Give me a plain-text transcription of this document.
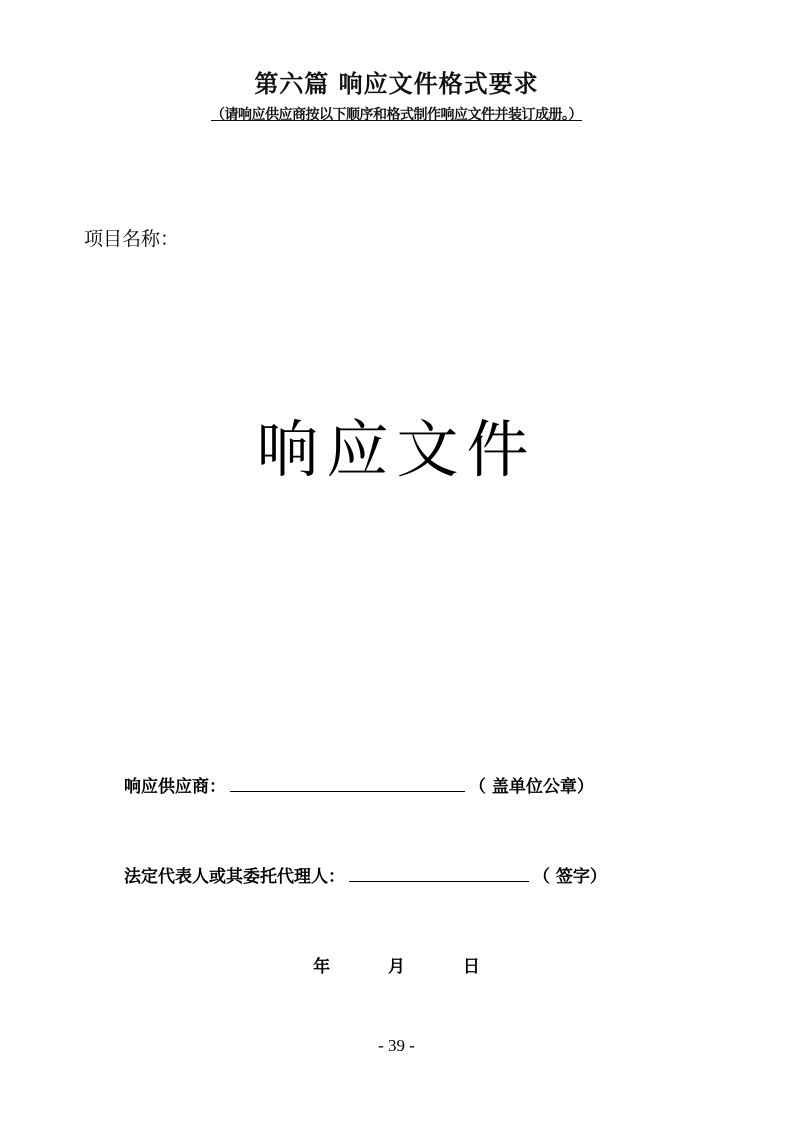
第六篇 响应文件格式要求
（请响应供应商按以下顺序和格式制作响应文件并装订成册。）
项目名称：
响应文件
响应供应商：	（ 盖单位公章）
法定代表人或其委托代理人：	（ 签字）
年	月	日
- 39 -
